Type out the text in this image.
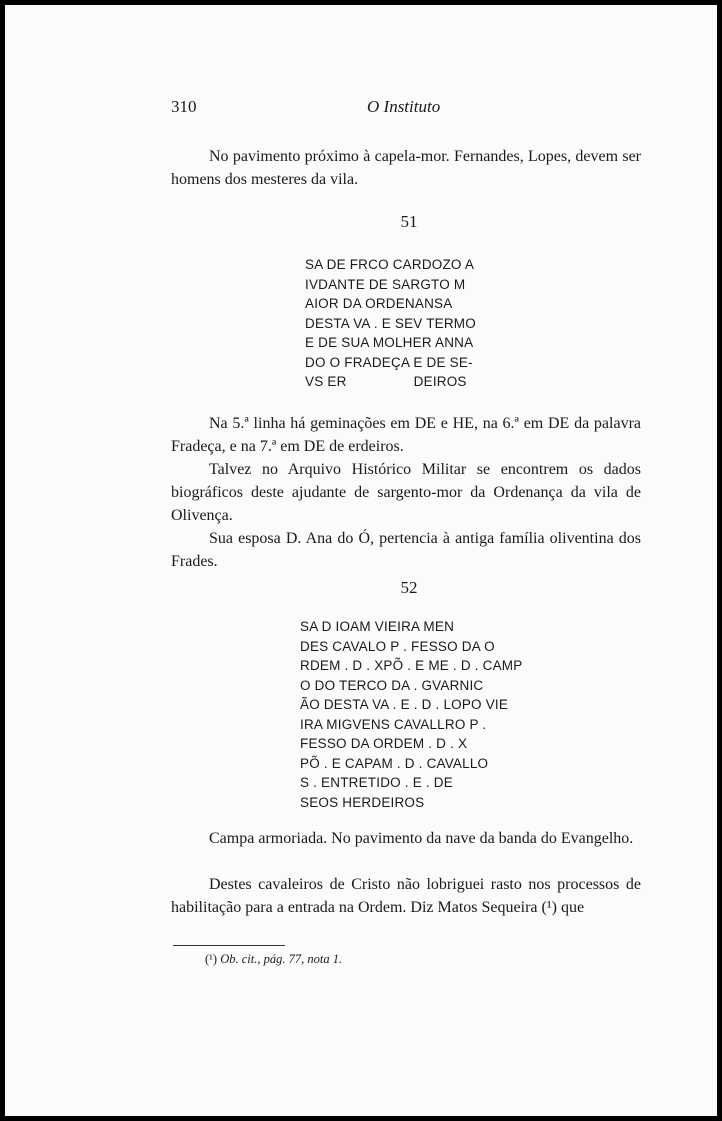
310	O Instituto

No pavimento próximo à capela-mor. Fernandes, Lopes, devem ser homens dos mesteres da vila.

51
SA DE FRCO CARDOZO A
IVDANTE DE SARGTO M
AIOR DA ORDENANSA
DESTA VA . E SEV TERMO
E DE SUA MOLHER ANNA
DO O FRADEÇA E DE SE-
VS ER                 DEIROS

Na 5.ª linha há geminações em DE e HE, na 6.ª em DE da palavra Fradeça, e na 7.ª em DE de erdeiros.

Talvez no Arquivo Histórico Militar se encontrem os dados biográficos deste ajudante de sargento-mor da Ordenança da vila de Olivença.

Sua esposa D. Ana do Ó, pertencia à antiga família oliventina dos Frades.

52
SA D IOAM VIEIRA MEN
DES CAVALO P . FESSO DA O
RDEM . D . XPÕ . E ME . D . CAMP
O DO TERCO DA . GVARNIC
ÃO DESTA VA . E . D . LOPO VIE
IRA MIGVENS CAVALLRO P .
FESSO DA ORDEM . D . X
PÕ . E CAPAM . D . CAVALLO
S . ENTRETIDO . E . DE
SEOS HERDEIROS

Campa armoriada. No pavimento da nave da banda do Evangelho.

Destes cavaleiros de Cristo não lobriguei rasto nos processos de habilitação para a entrada na Ordem. Diz Matos Sequeira (¹) que

(¹) Ob. cit., pág. 77, nota 1.
